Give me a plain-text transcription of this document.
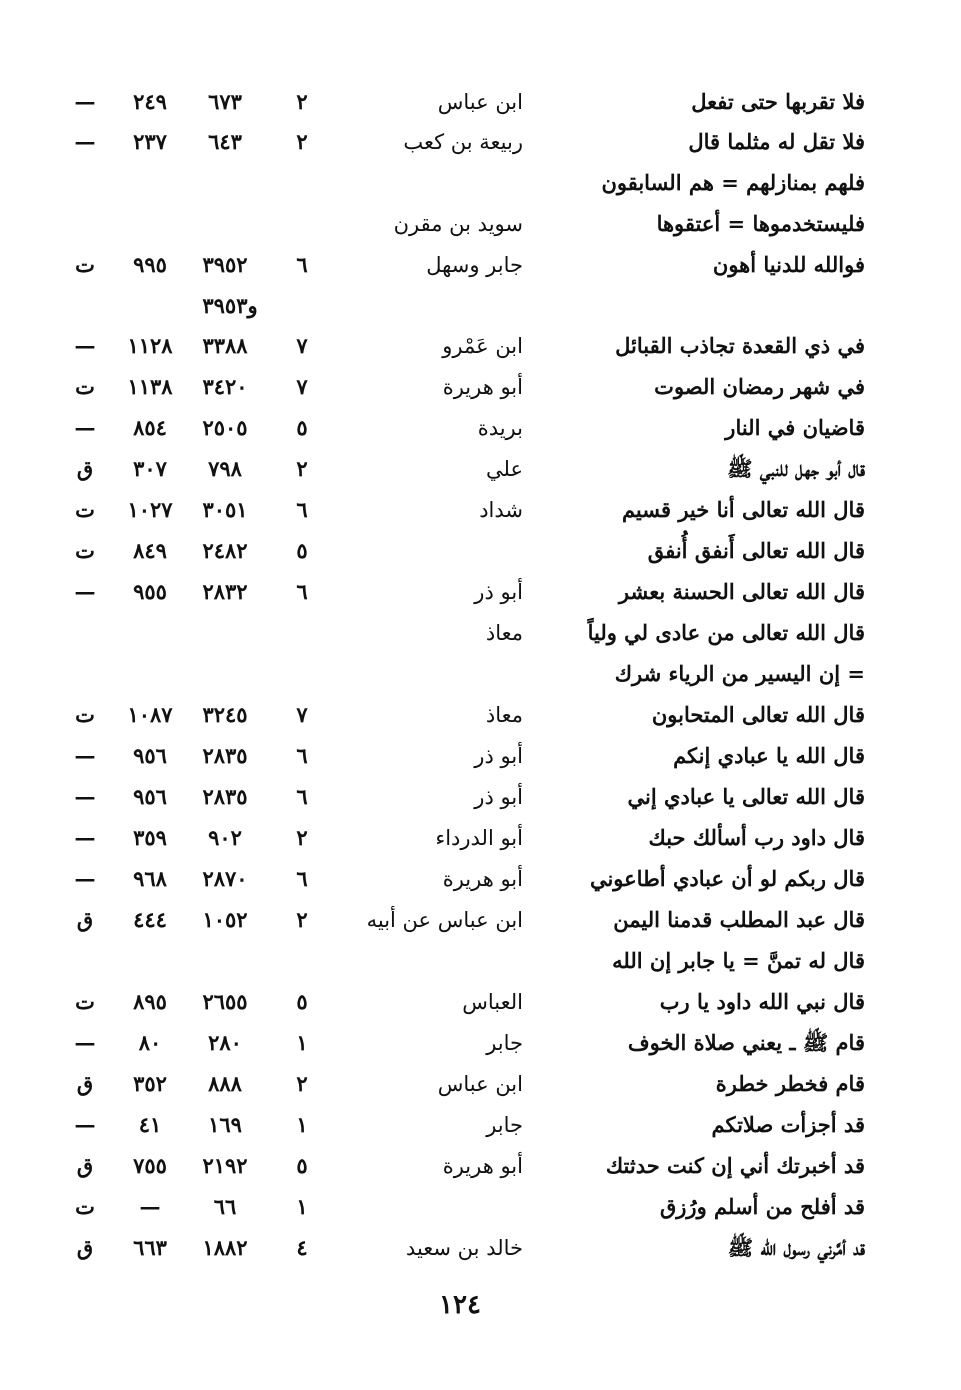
فلا تقربها حتى تفعل
ابن عباس
٢
٦٧٣
٢٤٩
—
فلا تقل له مثلما قال
ربيعة بن كعب
٢
٦٤٣
٢٣٧
—
فلهم بمنازلهم = هم السابقون
فليستخدموها = أعتقوها
سويد بن مقرن
فوالله للدنيا أهون
جابر وسهل
٦
٣٩٥٢
٩٩٥
ت
في ذي القعدة تجاذب القبائل
ابن عَمْرو
٧
٣٣٨٨
١١٢٨
—
في شهر رمضان الصوت
أبو هريرة
٧
٣٤٢٠
١١٣٨
ت
قاضيان في النار
بريدة
٥
٢٥٠٥
٨٥٤
—
قال أبو جهل للنبي ﷺ
علي
٢
٧٩٨
٣٠٧
ق
قال الله تعالى أنا خير قسيم
شداد
٦
٣٠٥١
١٠٢٧
ت
قال الله تعالى أَنفق أُنفق
٥
٢٤٨٢
٨٤٩
ت
قال الله تعالى الحسنة بعشر
أبو ذر
٦
٢٨٣٢
٩٥٥
—
قال الله تعالى من عادى لي ولياً
معاذ
= إن اليسير من الرياء شرك
قال الله تعالى المتحابون
معاذ
٧
٣٢٤٥
١٠٨٧
ت
قال الله يا عبادي إنكم
أبو ذر
٦
٢٨٣٥
٩٥٦
—
قال الله تعالى يا عبادي إني
أبو ذر
٦
٢٨٣٥
٩٥٦
—
قال داود رب أسألك حبك
أبو الدرداء
٢
٩٠٢
٣٥٩
—
قال ربكم لو أن عبادي أطاعوني
أبو هريرة
٦
٢٨٧٠
٩٦٨
—
قال عبد المطلب قدمنا اليمن
ابن عباس عن أبيه
٢
١٠٥٢
٤٤٤
ق
قال له تمنَّ = يا جابر إن الله
قال نبي الله داود يا رب
العباس
٥
٢٦٥٥
٨٩٥
ت
قام ﷺ ـ يعني صلاة الخوف
جابر
١
٢٨٠
٨٠
—
قام فخطر خطرة
ابن عباس
٢
٨٨٨
٣٥٢
ق
قد أجزأت صلاتكم
جابر
١
١٦٩
٤١
—
قد أخبرتك أني إن كنت حدثتك
أبو هريرة
٥
٢١٩٢
٧٥٥
ق
قد أفلح من أسلم ورُزق
١
٦٦
—
ت
قد أمَّرني رسول الله ﷺ
خالد بن سعيد
٤
١٨٨٢
٦٦٣
ق
و٣٩٥٣
١٢٤
